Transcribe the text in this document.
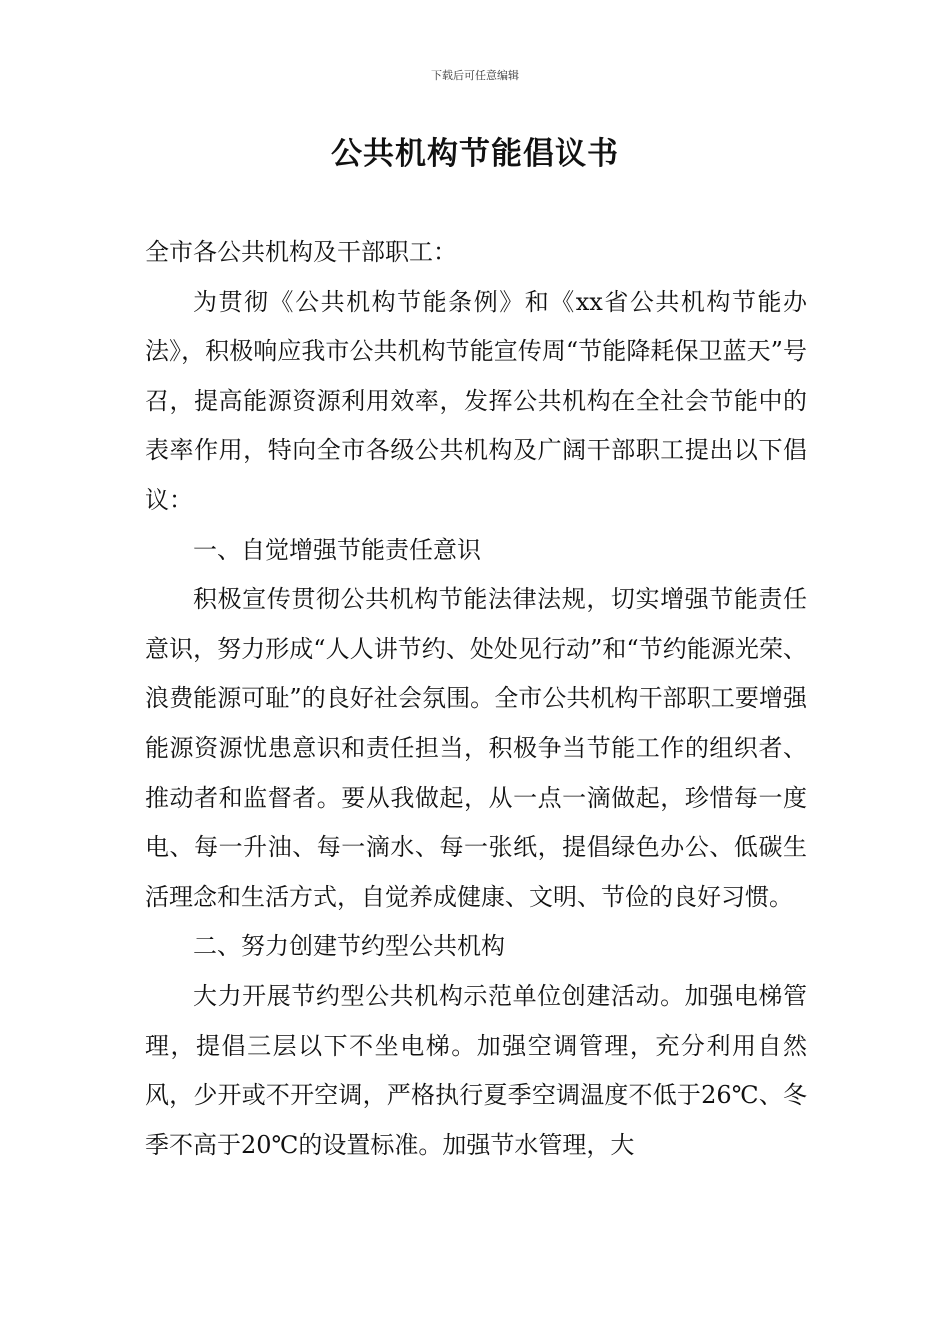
下载后可任意编辑
公共机构节能倡议书

全市各公共机构及干部职工：

为贯彻《公共机构节能条例》和《xx省公共机构节能办法》，积极响应我市公共机构节能宣传周“节能降耗保卫蓝天”号召，提高能源资源利用效率，发挥公共机构在全社会节能中的表率作用，特向全市各级公共机构及广阔干部职工提出以下倡议：

一、自觉增强节能责任意识

积极宣传贯彻公共机构节能法律法规，切实增强节能责任意识，努力形成“人人讲节约、处处见行动”和“节约能源光荣、浪费能源可耻”的良好社会氛围。全市公共机构干部职工要增强能源资源忧患意识和责任担当，积极争当节能工作的组织者、推动者和监督者。要从我做起，从一点一滴做起，珍惜每一度电、每一升油、每一滴水、每一张纸，提倡绿色办公、低碳生活理念和生活方式，自觉养成健康、文明、节俭的良好习惯。

二、努力创建节约型公共机构

大力开展节约型公共机构示范单位创建活动。加强电梯管理，提倡三层以下不坐电梯。加强空调管理，充分利用自然风，少开或不开空调，严格执行夏季空调温度不低于26℃、冬季不高于20℃的设置标准。加强节水管理，大
